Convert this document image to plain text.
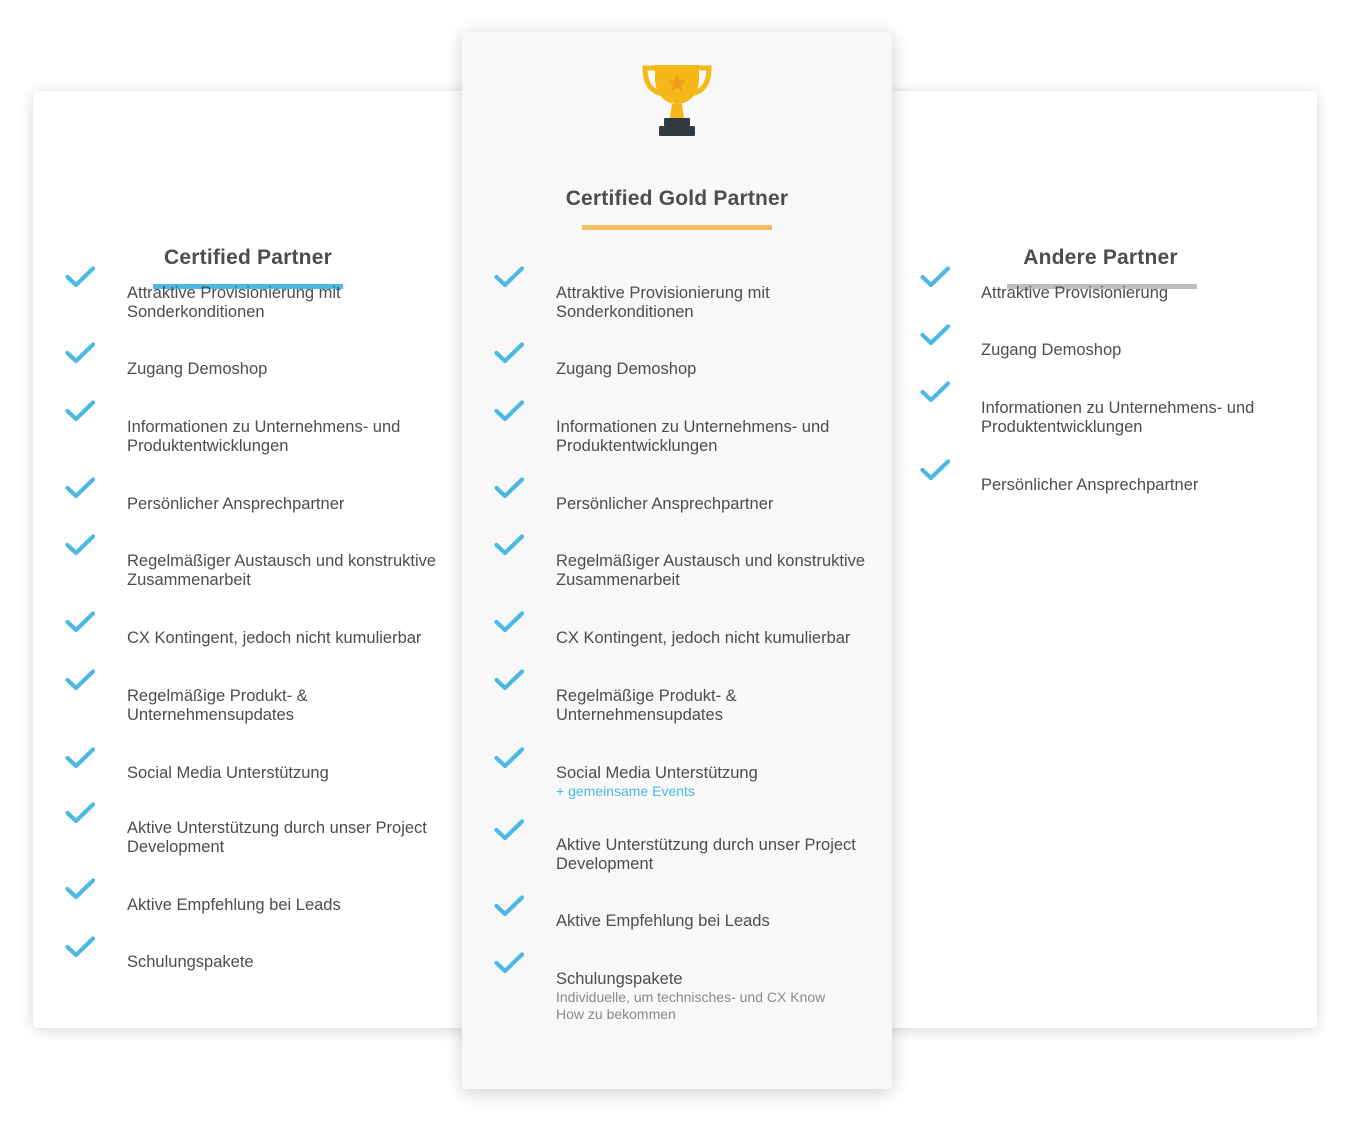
Certified Partner
Attraktive Provisionierung mit Sonderkonditionen
Zugang Demoshop
Informationen zu Unternehmens- und Produktentwicklungen
Persönlicher Ansprechpartner
Regelmäßiger Austausch und konstruktive Zusammenarbeit
CX Kontingent, jedoch nicht kumulierbar
Regelmäßige Produkt- & Unternehmensupdates
Social Media Unterstützung
Aktive Unterstützung durch unser Project Development
Aktive Empfehlung bei Leads
Schulungspakete
Andere Partner
Attraktive Provisionierung
Zugang Demoshop
Informationen zu Unternehmens- und Produktentwicklungen
Persönlicher Ansprechpartner
Certified Gold Partner
Attraktive Provisionierung mit Sonderkonditionen
Zugang Demoshop
Informationen zu Unternehmens- und Produktentwicklungen
Persönlicher Ansprechpartner
Regelmäßiger Austausch und konstruktive Zusammenarbeit
CX Kontingent, jedoch nicht kumulierbar
Regelmäßige Produkt- & Unternehmensupdates
Social Media Unterstützung
+ gemeinsame Events
Aktive Unterstützung durch unser Project Development
Aktive Empfehlung bei Leads
Schulungspakete
Individuelle, um technisches- und CX Know How zu bekommen
